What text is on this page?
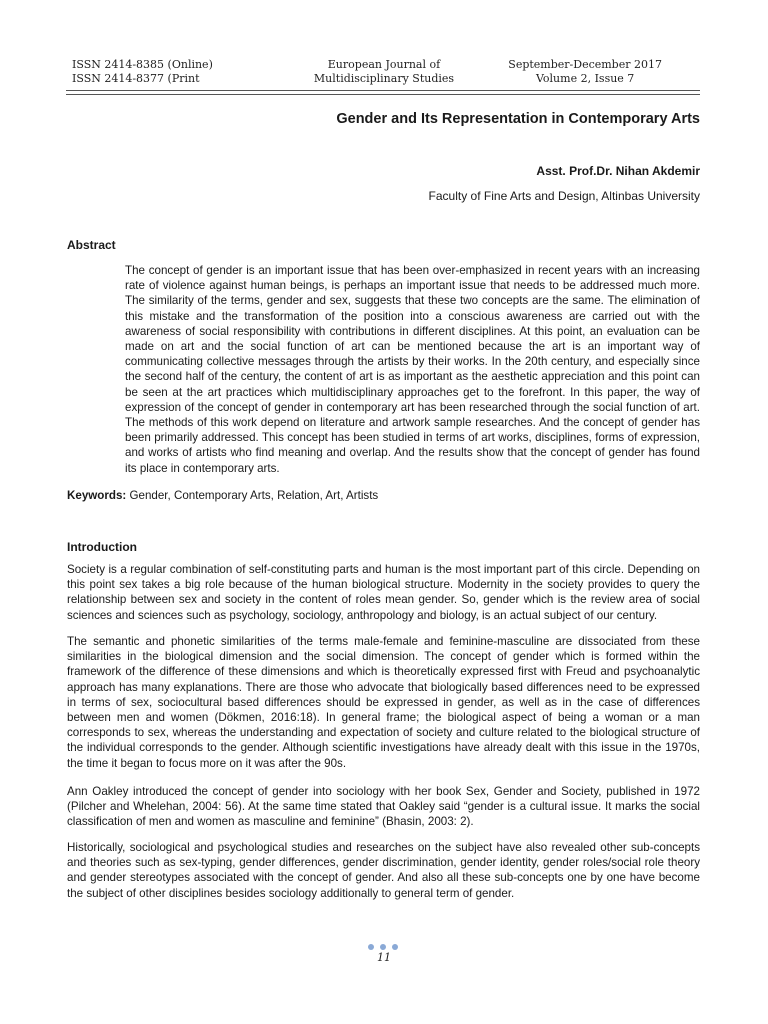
ISSN 2414-8385 (Online)
ISSN 2414-8377 (Print
European Journal of
Multidisciplinary Studies
September-December 2017
Volume 2, Issue 7
Gender and Its Representation in Contemporary Arts
Asst. Prof.Dr. Nihan Akdemir
Faculty of Fine Arts and Design, Altinbas University
Abstract

The concept of gender is an important issue that has been over-emphasized in recent years with an increasing rate of violence against human beings, is perhaps an important issue that needs to be addressed much more. The similarity of the terms, gender and sex, suggests that these two concepts are the same. The elimination of this mistake and the transformation of the position into a conscious awareness are carried out with the awareness of social responsibility with contributions in different disciplines. At this point, an evaluation can be made on art and the social function of art can be mentioned because the art is an important way of communicating collective messages through the artists by their works. In the 20th century, and especially since the second half of the century, the content of art is as important as the aesthetic appreciation and this point can be seen at the art practices which multidisciplinary approaches get to the forefront. In this paper, the way of expression of the concept of gender in contemporary art has been researched through the social function of art. The methods of this work depend on literature and artwork sample researches. And the concept of gender has been primarily addressed. This concept has been studied in terms of art works, disciplines, forms of expression, and works of artists who find meaning and overlap. And the results show that the concept of gender has found its place in contemporary arts.

Keywords: Gender, Contemporary Arts, Relation, Art, Artists
Introduction

Society is a regular combination of self-constituting parts and human is the most important part of this circle. Depending on this point sex takes a big role because of the human biological structure. Modernity in the society provides to query the relationship between sex and society in the content of roles mean gender. So, gender which is the review area of social sciences and sciences such as psychology, sociology, anthropology and biology, is an actual subject of our century.

The semantic and phonetic similarities of the terms male-female and feminine-masculine are dissociated from these similarities in the biological dimension and the social dimension. The concept of gender which is formed within the framework of the difference of these dimensions and which is theoretically expressed first with Freud and psychoanalytic approach has many explanations. There are those who advocate that biologically based differences need to be expressed in terms of sex, sociocultural based differences should be expressed in gender, as well as in the case of differences between men and women (Dökmen, 2016:18). In general frame; the biological aspect of being a woman or a man corresponds to sex, whereas the understanding and expectation of society and culture related to the biological structure of the individual corresponds to the gender. Although scientific investigations have already dealt with this issue in the 1970s, the time it began to focus more on it was after the 90s.

Ann Oakley introduced the concept of gender into sociology with her book Sex, Gender and Society, published in 1972 (Pilcher and Whelehan, 2004: 56). At the same time stated that Oakley said “gender is a cultural issue. It marks the social classification of men and women as masculine and feminine” (Bhasin, 2003: 2).

Historically, sociological and psychological studies and researches on the subject have also revealed other sub-concepts and theories such as sex-typing, gender differences, gender discrimination, gender identity, gender roles/social role theory and gender stereotypes associated with the concept of gender. And also all these sub-concepts one by one have become the subject of other disciplines besides sociology additionally to general term of gender.

11
